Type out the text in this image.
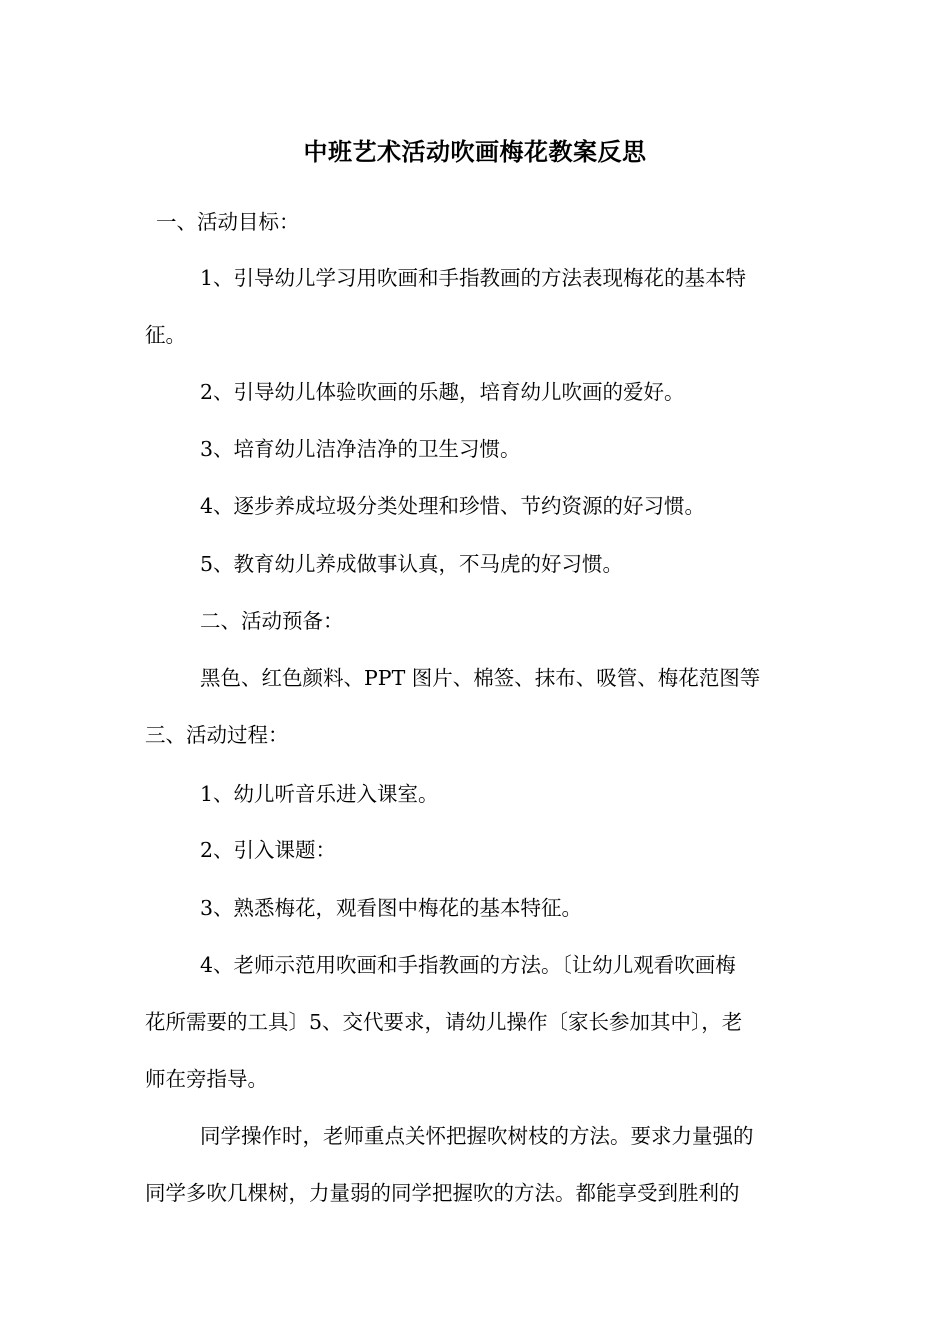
中班艺术活动吹画梅花教案反思
一、活动目标：
1、引导幼儿学习用吹画和手指教画的方法表现梅花的基本特
征。
2、引导幼儿体验吹画的乐趣，培育幼儿吹画的爱好。
3、培育幼儿洁净洁净的卫生习惯。
4、逐步养成垃圾分类处理和珍惜、节约资源的好习惯。
5、教育幼儿养成做事认真，不马虎的好习惯。
二、活动预备：
黑色、红色颜料、PPT 图片、棉签、抹布、吸管、梅花范图等
三、活动过程：
1、幼儿听音乐进入课室。
2、引入课题：
3、熟悉梅花，观看图中梅花的基本特征。
4、老师示范用吹画和手指教画的方法。〔让幼儿观看吹画梅
花所需要的工具〕5、交代要求，请幼儿操作〔家长参加其中〕，老
师在旁指导。
同学操作时，老师重点关怀把握吹树枝的方法。要求力量强的
同学多吹几棵树，力量弱的同学把握吹的方法。都能享受到胜利的
